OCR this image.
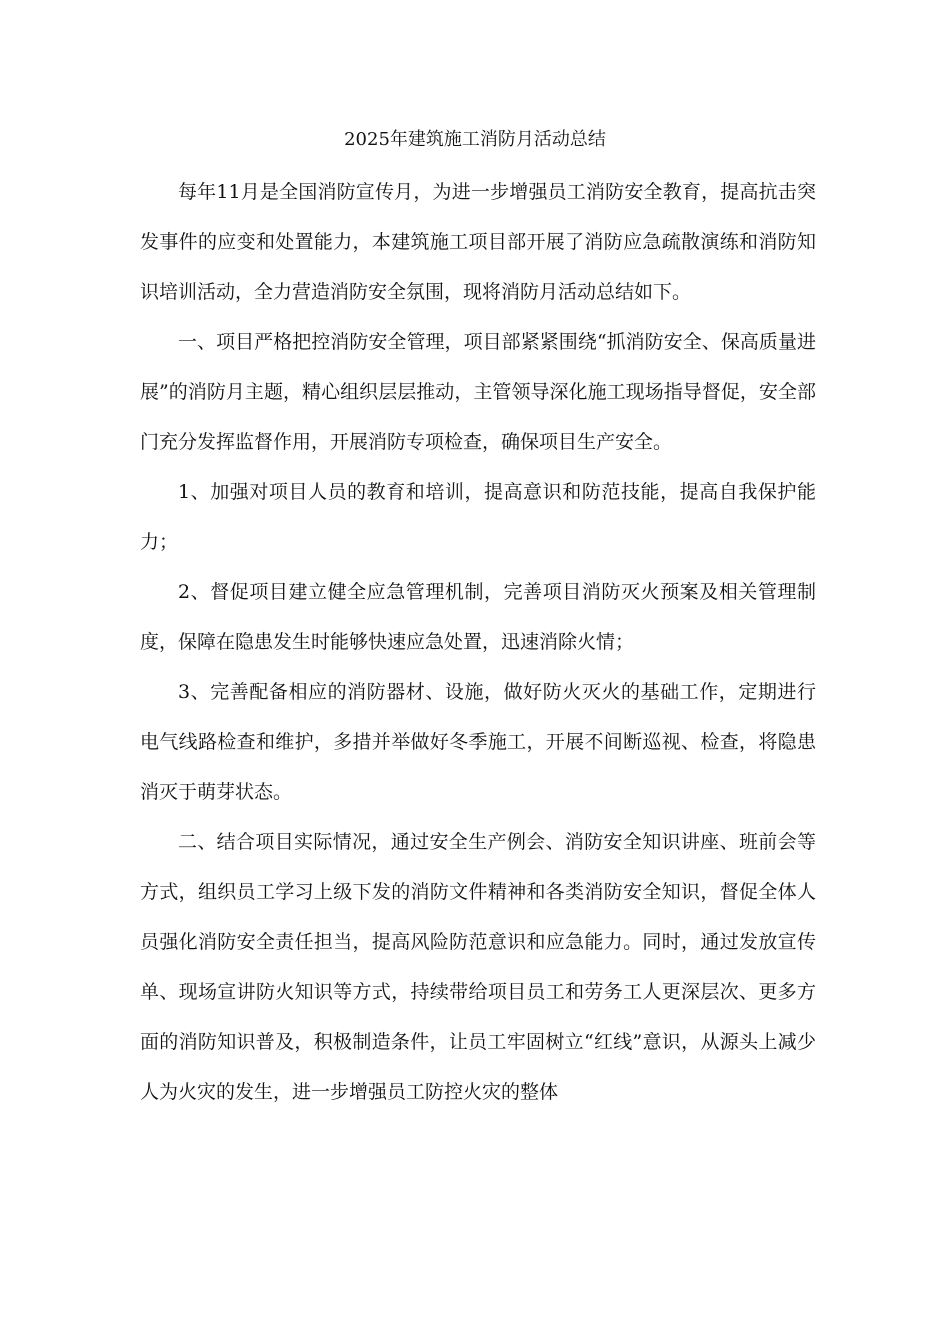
2025年建筑施工消防月活动总结

每年11月是全国消防宣传月，为进一步增强员工消防安全教育，提高抗击突发事件的应变和处置能力，本建筑施工项目部开展了消防应急疏散演练和消防知识培训活动，全力营造消防安全氛围，现将消防月活动总结如下。

一、项目严格把控消防安全管理，项目部紧紧围绕“抓消防安全、保高质量进展”的消防月主题，精心组织层层推动，主管领导深化施工现场指导督促，安全部门充分发挥监督作用，开展消防专项检查，确保项目生产安全。

1、加强对项目人员的教育和培训，提高意识和防范技能，提高自我保护能力；

2、督促项目建立健全应急管理机制，完善项目消防灭火预案及相关管理制度，保障在隐患发生时能够快速应急处置，迅速消除火情；

3、完善配备相应的消防器材、设施，做好防火灭火的基础工作，定期进行电气线路检查和维护，多措并举做好冬季施工，开展不间断巡视、检查，将隐患消灭于萌芽状态。

二、结合项目实际情况，通过安全生产例会、消防安全知识讲座、班前会等方式，组织员工学习上级下发的消防文件精神和各类消防安全知识，督促全体人员强化消防安全责任担当，提高风险防范意识和应急能力。同时，通过发放宣传单、现场宣讲防火知识等方式，持续带给项目员工和劳务工人更深层次、更多方面的消防知识普及，积极制造条件，让员工牢固树立“红线”意识，从源头上减少人为火灾的发生，进一步增强员工防控火灾的整体
